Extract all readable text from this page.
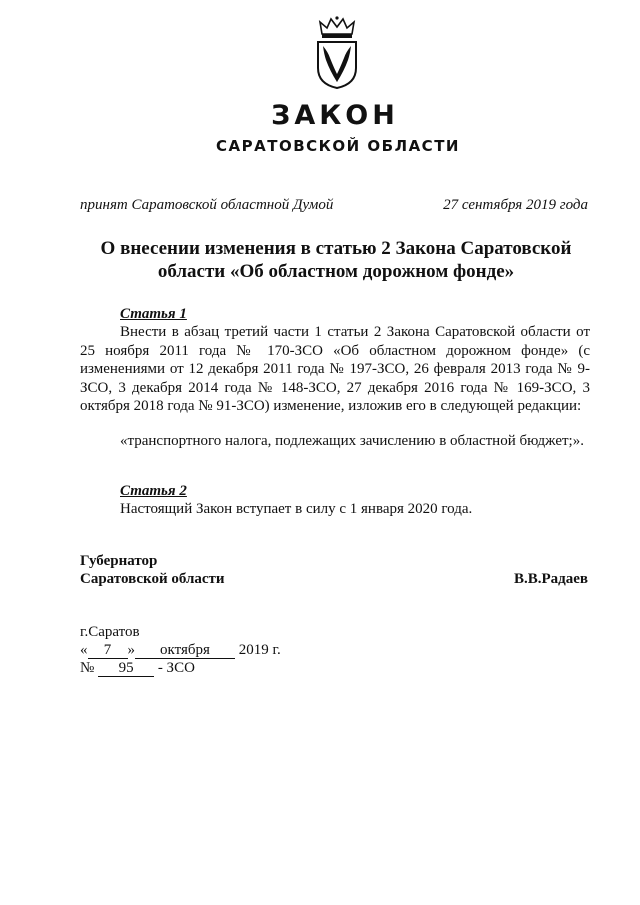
ЗАКОН
САРАТОВСКОЙ ОБЛАСТИ
принят Саратовской областной Думой	27 сентября 2019 года
О внесении изменения в статью 2 Закона Саратовской области «Об областном дорожном фонде»
Статья 1

Внести в абзац третий части 1 статьи 2 Закона Саратовской области от 25 ноября 2011 года № 170-ЗСО «Об областном дорожном фонде» (с изменениями от 12 декабря 2011 года № 197-ЗСО, 26 февраля 2013 года № 9-ЗСО, 3 декабря 2014 года № 148-ЗСО, 27 декабря 2016 года № 169-ЗСО, 3 октября 2018 года № 91-ЗСО) изменение, изложив его в следующей редакции:

«транспортного налога, подлежащих зачислению в областной бюджет;».

Статья 2

Настоящий Закон вступает в силу с 1 января 2020 года.

Губернатор
Саратовской области	В.В.Радаев
г.Саратов
« 7 » октября 2019 г.
№ 95 - ЗСО
